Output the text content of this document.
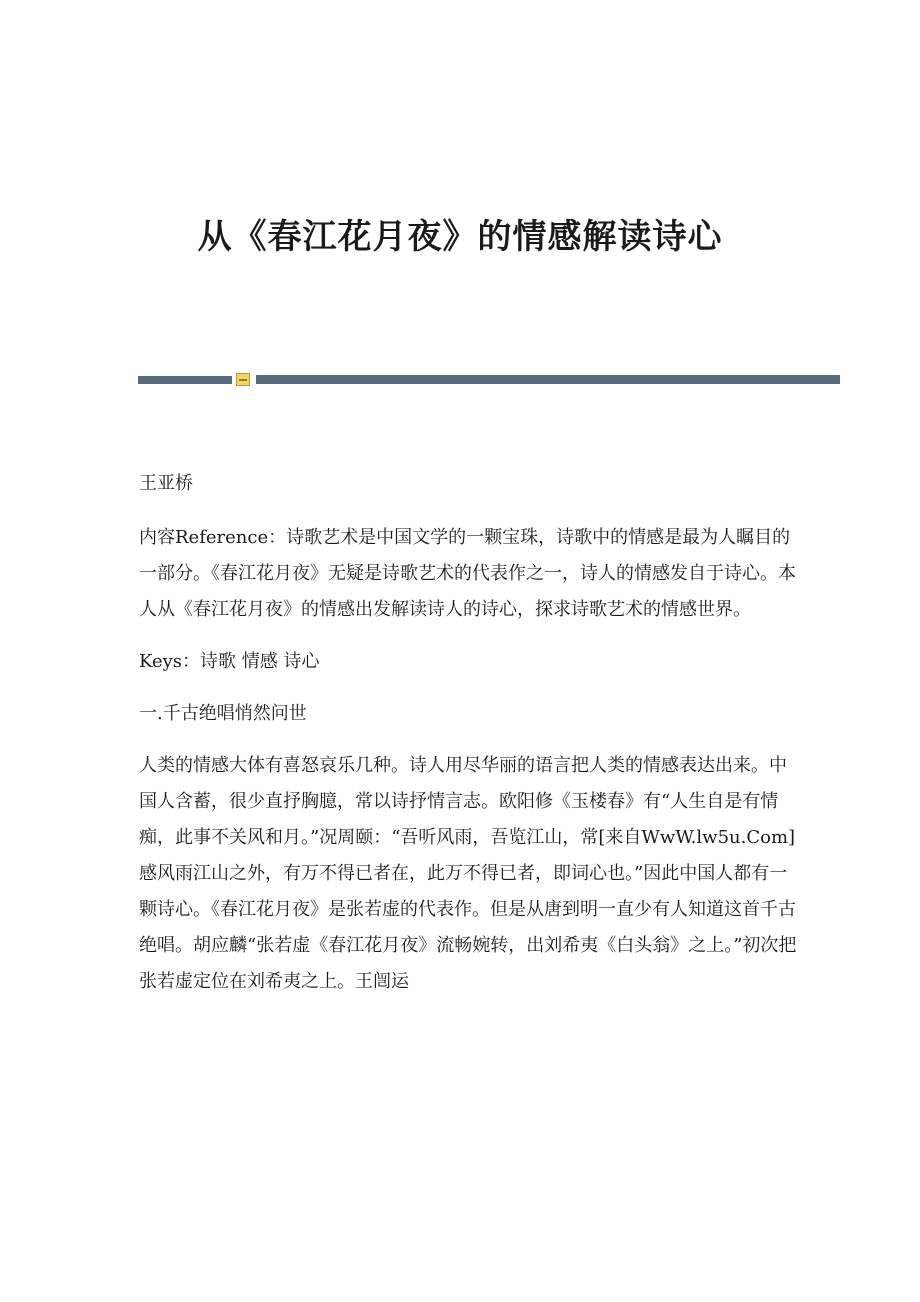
从《春江花月夜》的情感解读诗心

王亚桥

内容Reference：诗歌艺术是中国文学的一颗宝珠，诗歌中的情感是最为人瞩目的一部分。《春江花月夜》无疑是诗歌艺术的代表作之一，诗人的情感发自于诗心。本人从《春江花月夜》的情感出发解读诗人的诗心，探求诗歌艺术的情感世界。

Keys：诗歌 情感 诗心

一.千古绝唱悄然问世

人类的情感大体有喜怒哀乐几种。诗人用尽华丽的语言把人类的情感表达出来。中国人含蓄，很少直抒胸臆，常以诗抒情言志。欧阳修《玉楼春》有“人生自是有情痴，此事不关风和月。”况周颐：“吾听风雨，吾览江山，常[来自WwW.lw5u.Com]感风雨江山之外，有万不得已者在，此万不得已者，即词心也。”因此中国人都有一颗诗心。《春江花月夜》是张若虚的代表作。但是从唐到明一直少有人知道这首千古绝唱。胡应麟“张若虚《春江花月夜》流畅婉转，出刘希夷《白头翁》之上。”初次把张若虚定位在刘希夷之上。王闿运
